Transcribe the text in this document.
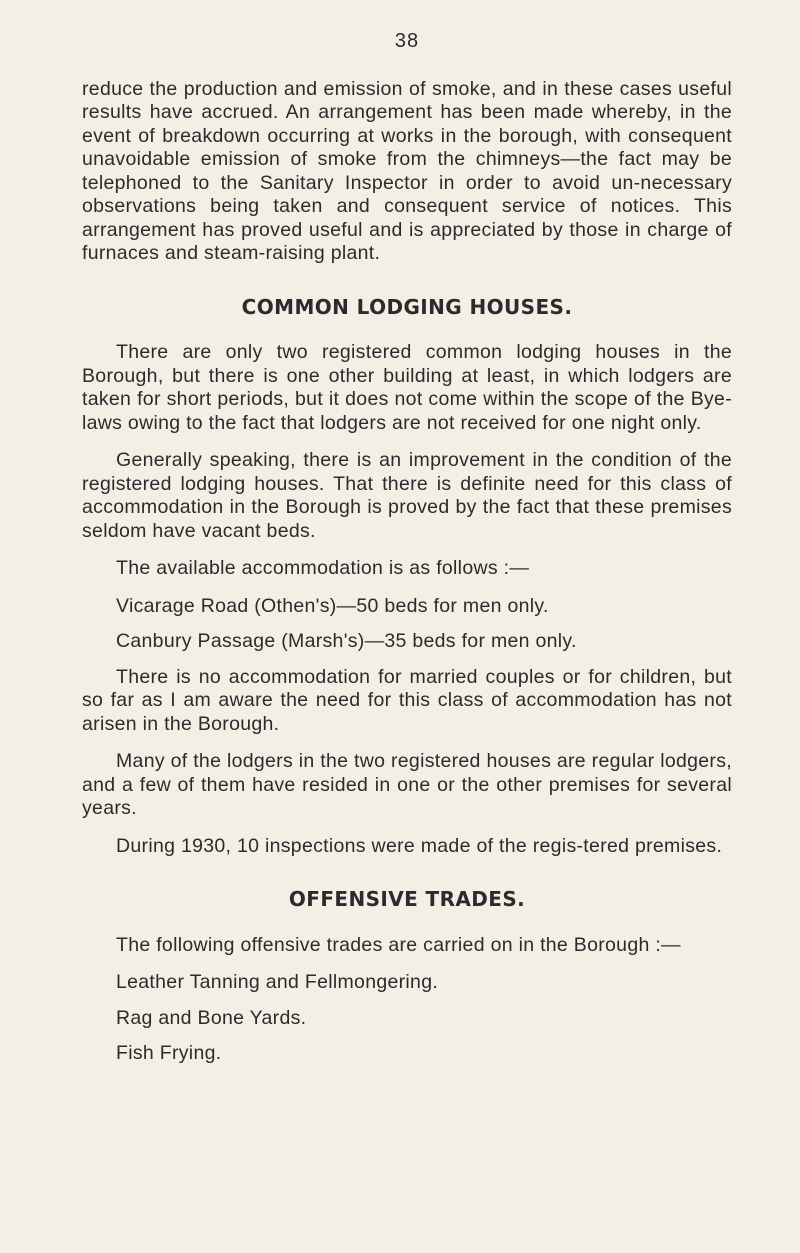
38

reduce the production and emission of smoke, and in these cases useful results have accrued. An arrangement has been made whereby, in the event of breakdown occurring at works in the borough, with consequent unavoidable emission of smoke from the chimneys—the fact may be telephoned to the Sanitary Inspector in order to avoid un-necessary observations being taken and consequent service of notices. This arrangement has proved useful and is appreciated by those in charge of furnaces and steam-raising plant.

COMMON LODGING HOUSES.

There are only two registered common lodging houses in the Borough, but there is one other building at least, in which lodgers are taken for short periods, but it does not come within the scope of the Bye-laws owing to the fact that lodgers are not received for one night only.

Generally speaking, there is an improvement in the condition of the registered lodging houses. That there is definite need for this class of accommodation in the Borough is proved by the fact that these premises seldom have vacant beds.

The available accommodation is as follows :—

Vicarage Road (Othen's)—50 beds for men only.
Canbury Passage (Marsh's)—35 beds for men only.

There is no accommodation for married couples or for children, but so far as I am aware the need for this class of accommodation has not arisen in the Borough.

Many of the lodgers in the two registered houses are regular lodgers, and a few of them have resided in one or the other premises for several years.

During 1930, 10 inspections were made of the regis-tered premises.

OFFENSIVE TRADES.

The following offensive trades are carried on in the Borough :—

Leather Tanning and Fellmongering.
Rag and Bone Yards.
Fish Frying.
